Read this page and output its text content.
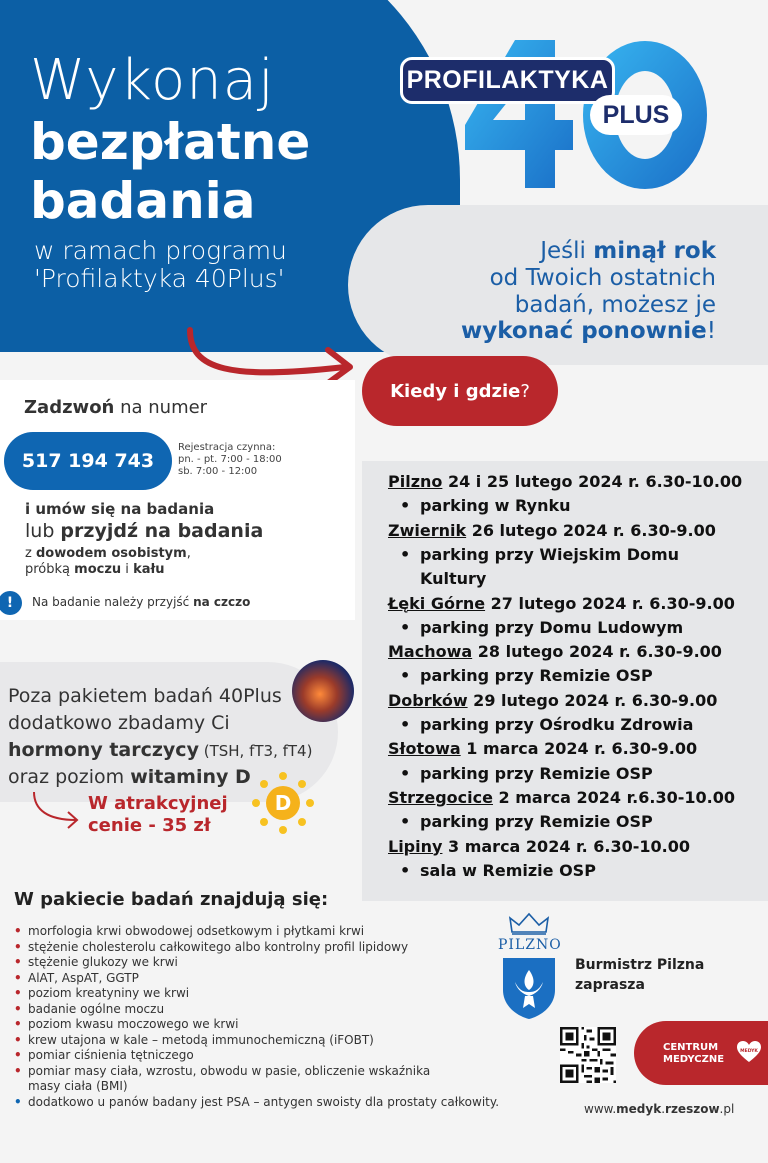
Wykonaj
bezpłatne
badania
w ramach programu
'Profilaktyka 40Plus'
PROFILAKTYKA
PLUS
Jeśli minął rok
od Twoich ostatnich
badań, możesz je
wykonać ponownie!
Kiedy i gdzie ?
Zadzwoń na numer
517 194 743
Rejestracja czynna:
pn. - pt. 7:00 - 18:00
sb. 7:00 - 12:00
i umów się na badania
lub przyjdź na badania
z dowodem osobistym,
próbką moczu i kału
!	Na badanie należy przyjść na czczo
Poza pakietem badań 40Plus
dodatkowo zbadamy Ci
hormony tarczycy (TSH, fT3, fT4)
oraz poziom witaminy D
W atrakcyjnej
cenie - 35 zł
D
Pilzno 24 i 25 lutego 2024 r. 6.30-10.00
• parking w Rynku
Zwiernik 26 lutego 2024 r. 6.30-9.00
• parking przy Wiejskim Domu
Kultury
Łęki Górne 27 lutego 2024 r. 6.30-9.00
• parking przy Domu Ludowym
Machowa 28 lutego 2024 r. 6.30-9.00
• parking przy Remizie OSP
Dobrków 29 lutego 2024 r. 6.30-9.00
• parking przy Ośrodku Zdrowia
Słotowa 1 marca 2024 r. 6.30-9.00
• parking przy Remizie OSP
Strzegocice 2 marca 2024 r.6.30-10.00
• parking przy Remizie OSP
Lipiny 3 marca 2024 r. 6.30-10.00
• sala w Remizie OSP
W pakiecie badań znajdują się:
• morfologia krwi obwodowej odsetkowym i płytkami krwi
• stężenie cholesterolu całkowitego albo kontrolny profil lipidowy
• stężenie glukozy we krwi
• AlAT, AspAT, GGTP
• poziom kreatyniny we krwi
• badanie ogólne moczu
• poziom kwasu moczowego we krwi
• krew utajona w kale – metodą immunochemiczną (iFOBT)
• pomiar ciśnienia tętniczego
• pomiar masy ciała, wzrostu, obwodu w pasie, obliczenie wskaźnika
masy ciała (BMI)
• dodatkowo u panów badany jest PSA – antygen swoisty dla prostaty całkowity.
PILZNO
Burmistrz Pilzna
zaprasza
CENTRUM
MEDYCZNE
MEDYK
www.medyk.rzeszow.pl
